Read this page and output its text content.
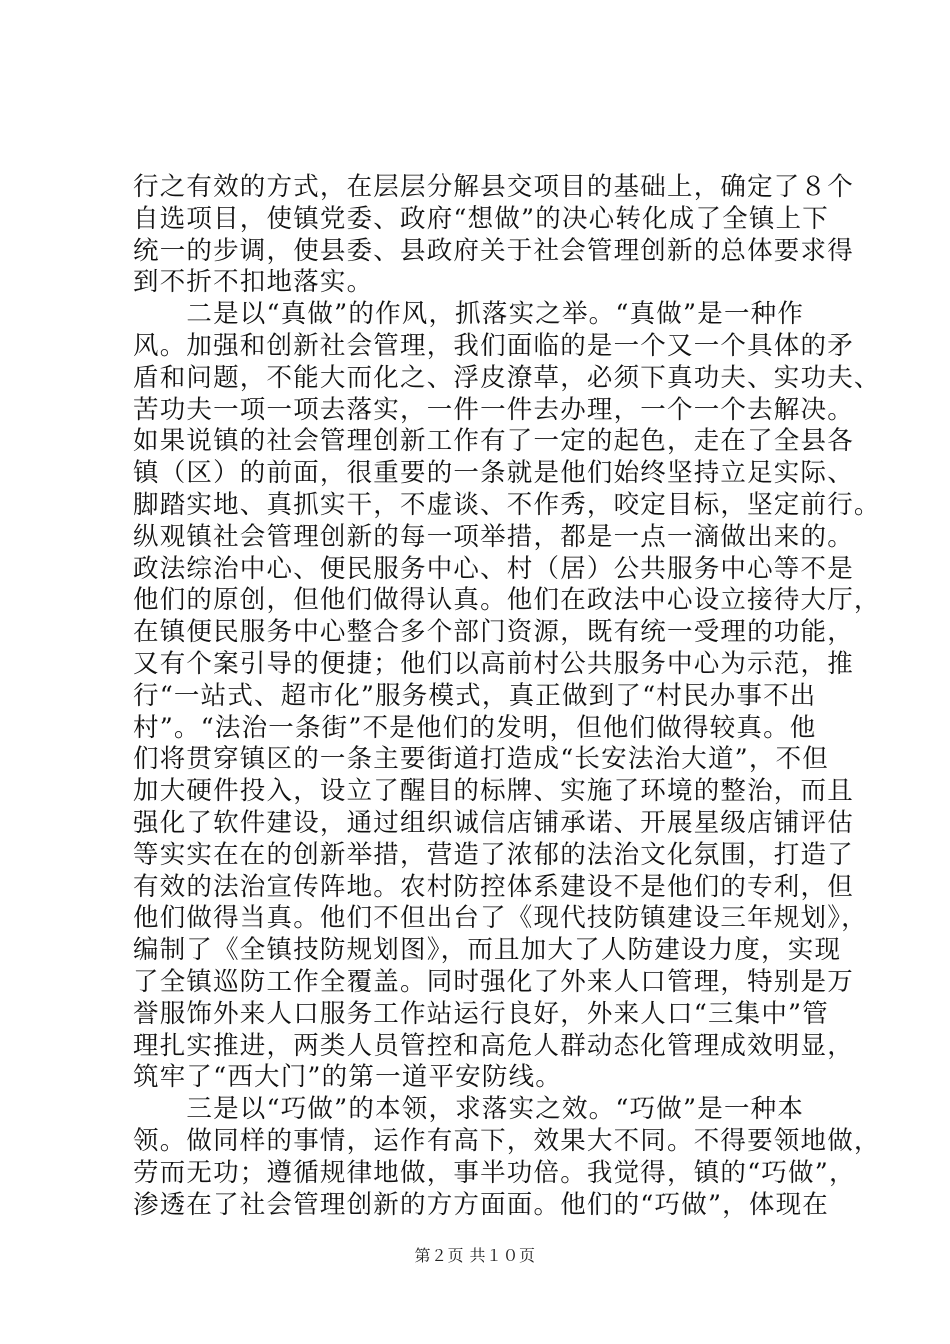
行之有效的方式，在层层分解县交项目的基础上，确定了８个
自选项目，使镇党委、政府“想做”的决心转化成了全镇上下
统一的步调，使县委、县政府关于社会管理创新的总体要求得
到不折不扣地落实。
　　二是以“真做”的作风，抓落实之举。“真做”是一种作
风。加强和创新社会管理，我们面临的是一个又一个具体的矛
盾和问题，不能大而化之、浮皮潦草，必须下真功夫、实功夫、
苦功夫一项一项去落实，一件一件去办理，一个一个去解决。
如果说镇的社会管理创新工作有了一定的起色，走在了全县各
镇（区）的前面，很重要的一条就是他们始终坚持立足实际、
脚踏实地、真抓实干，不虚谈、不作秀，咬定目标，坚定前行。
纵观镇社会管理创新的每一项举措，都是一点一滴做出来的。
政法综治中心、便民服务中心、村（居）公共服务中心等不是
他们的原创，但他们做得认真。他们在政法中心设立接待大厅，
在镇便民服务中心整合多个部门资源，既有统一受理的功能，
又有个案引导的便捷；他们以高前村公共服务中心为示范，推
行“一站式、超市化”服务模式，真正做到了“村民办事不出
村”。“法治一条街”不是他们的发明，但他们做得较真。他
们将贯穿镇区的一条主要街道打造成“长安法治大道”，不但
加大硬件投入，设立了醒目的标牌、实施了环境的整治，而且
强化了软件建设，通过组织诚信店铺承诺、开展星级店铺评估
等实实在在的创新举措，营造了浓郁的法治文化氛围，打造了
有效的法治宣传阵地。农村防控体系建设不是他们的专利，但
他们做得当真。他们不但出台了《现代技防镇建设三年规划》，
编制了《全镇技防规划图》，而且加大了人防建设力度，实现
了全镇巡防工作全覆盖。同时强化了外来人口管理，特别是万
誉服饰外来人口服务工作站运行良好，外来人口“三集中”管
理扎实推进，两类人员管控和高危人群动态化管理成效明显，
筑牢了“西大门”的第一道平安防线。
　　三是以“巧做”的本领，求落实之效。“巧做”是一种本
领。做同样的事情，运作有高下，效果大不同。不得要领地做，
劳而无功；遵循规律地做，事半功倍。我觉得，镇的“巧做”，
渗透在了社会管理创新的方方面面。他们的“巧做”，体现在
第２页 共１０页
